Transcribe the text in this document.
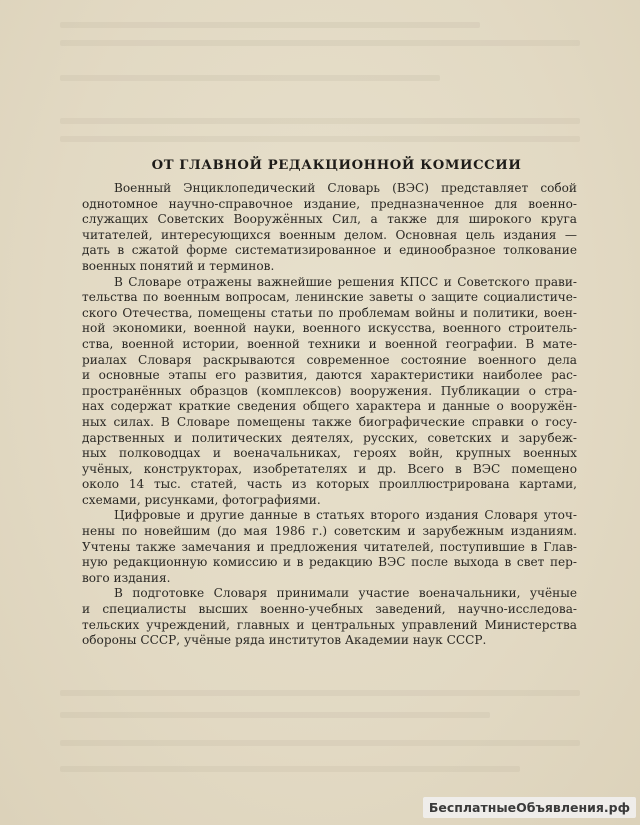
ОТ ГЛАВНОЙ РЕДАКЦИОННОЙ КОМИССИИ

Военный Энциклопедический Словарь (ВЭС) представляет собой
однотомное научно-справочное издание, предназначенное для военно-
служащих Советских Вооружённых Сил, а также для широкого круга
читателей, интересующихся военным делом. Основная цель издания —
дать в сжатой форме систематизированное и единообразное толкование
военных понятий и терминов.

В Словаре отражены важнейшие решения КПСС и Советского прави-
тельства по военным вопросам, ленинские заветы о защите социалистиче-
ского Отечества, помещены статьи по проблемам войны и политики, воен-
ной экономики, военной науки, военного искусства, военного строитель-
ства, военной истории, военной техники и военной географии. В мате-
риалах Словаря раскрываются современное состояние военного дела
и основные этапы его развития, даются характеристики наиболее рас-
пространённых образцов (комплексов) вооружения. Публикации о стра-
нах содержат краткие сведения общего характера и данные о вооружён-
ных силах. В Словаре помещены также биографические справки о госу-
дарственных и политических деятелях, русских, советских и зарубеж-
ных полководцах и военачальниках, героях войн, крупных военных
учёных, конструкторах, изобретателях и др. Всего в ВЭС помещено
около 14 тыс. статей, часть из которых проиллюстрирована картами,
схемами, рисунками, фотографиями.

Цифровые и другие данные в статьях второго издания Словаря уточ-
нены по новейшим (до мая 1986 г.) советским и зарубежным изданиям.
Учтены также замечания и предложения читателей, поступившие в Глав-
ную редакционную комиссию и в редакцию ВЭС после выхода в свет пер-
вого издания.

В подготовке Словаря принимали участие военачальники, учёные
и специалисты высших военно-учебных заведений, научно-исследова-
тельских учреждений, главных и центральных управлений Министерства
обороны СССР, учёные ряда институтов Академии наук СССР.

БесплатныеОбъявления.рф
